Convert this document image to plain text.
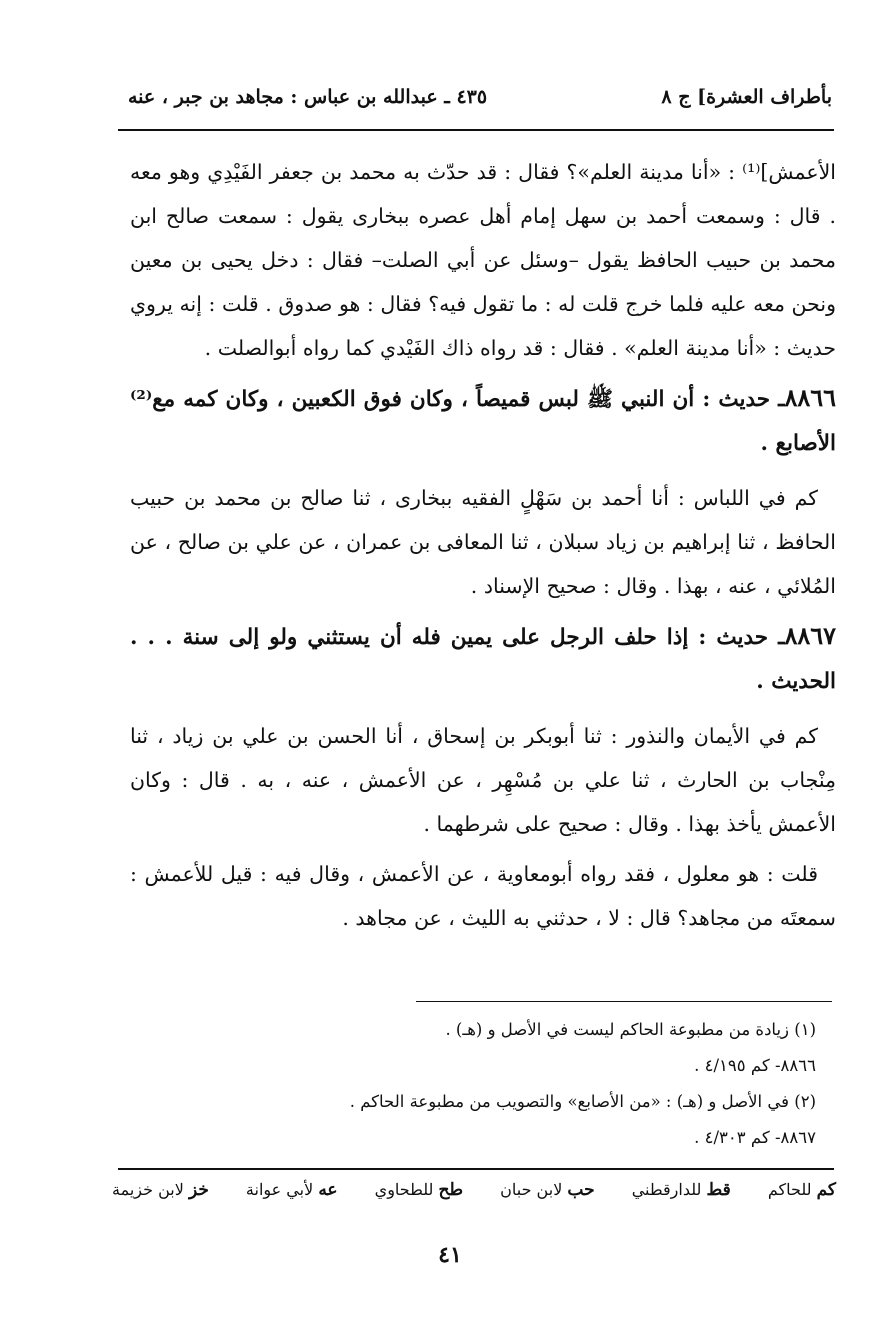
بأطراف العشرة] ج ٨
٤٣٥ ـ عبدالله بن عباس : مجاهد بن جبر ، عنه

الأعمش]⁽¹⁾ : «أنا مدينة العلم»؟ فقال : قد حدّث به محمد بن جعفر الفَيْدِي وهو معه . قال : وسمعت أحمد بن سهل إمام أهل عصره ببخارى يقول : سمعت صالح ابن محمد بن حبيب الحافظ يقول –وسئل عن أبي الصلت– فقال : دخل يحيى بن معين ونحن معه عليه فلما خرج قلت له : ما تقول فيه؟ فقال : هو صدوق . قلت : إنه يروي حديث : «أنا مدينة العلم» . فقال : قد رواه ذاك الفَيْدي كما رواه أبوالصلت .

٨٨٦٦ـ حديث : أن النبي ﷺ لبس قميصاً ، وكان فوق الكعبين ، وكان كمه مع⁽²⁾ الأصابع .

كم في اللباس : أنا أحمد بن سَهْلٍ الفقيه ببخارى ، ثنا صالح بن محمد بن حبيب الحافظ ، ثنا إبراهيم بن زياد سبلان ، ثنا المعافى بن عمران ، عن علي بن صالح ، عن المُلائي ، عنه ، بهذا . وقال : صحيح الإسناد .

٨٨٦٧ـ حديث : إذا حلف الرجل على يمين فله أن يستثني ولو إلى سنة . . . الحديث .

كم في الأيمان والنذور : ثنا أبوبكر بن إسحاق ، أنا الحسن بن علي بن زياد ، ثنا مِنْجاب بن الحارث ، ثنا علي بن مُسْهِر ، عن الأعمش ، عنه ، به . قال : وكان الأعمش يأخذ بهذا . وقال : صحيح على شرطهما .

قلت : هو معلول ، فقد رواه أبومعاوية ، عن الأعمش ، وقال فيه : قيل للأعمش : سمعتَه من مجاهد؟ قال : لا ، حدثني به الليث ، عن مجاهد .

(١) زيادة من مطبوعة الحاكم ليست في الأصل و (هـ) .

٨٨٦٦- كم ٤/١٩٥ .

(٢) في الأصل و (هـ) : «من الأصابع» والتصويب من مطبوعة الحاكم .

٨٨٦٧- كم ٤/٣٠٣ .

خز لابن خزيمة	عه لأبي عوانة	طح للطحاوي	حب لابن حبان	قط للدارقطني	كم للحاكم
٤١
